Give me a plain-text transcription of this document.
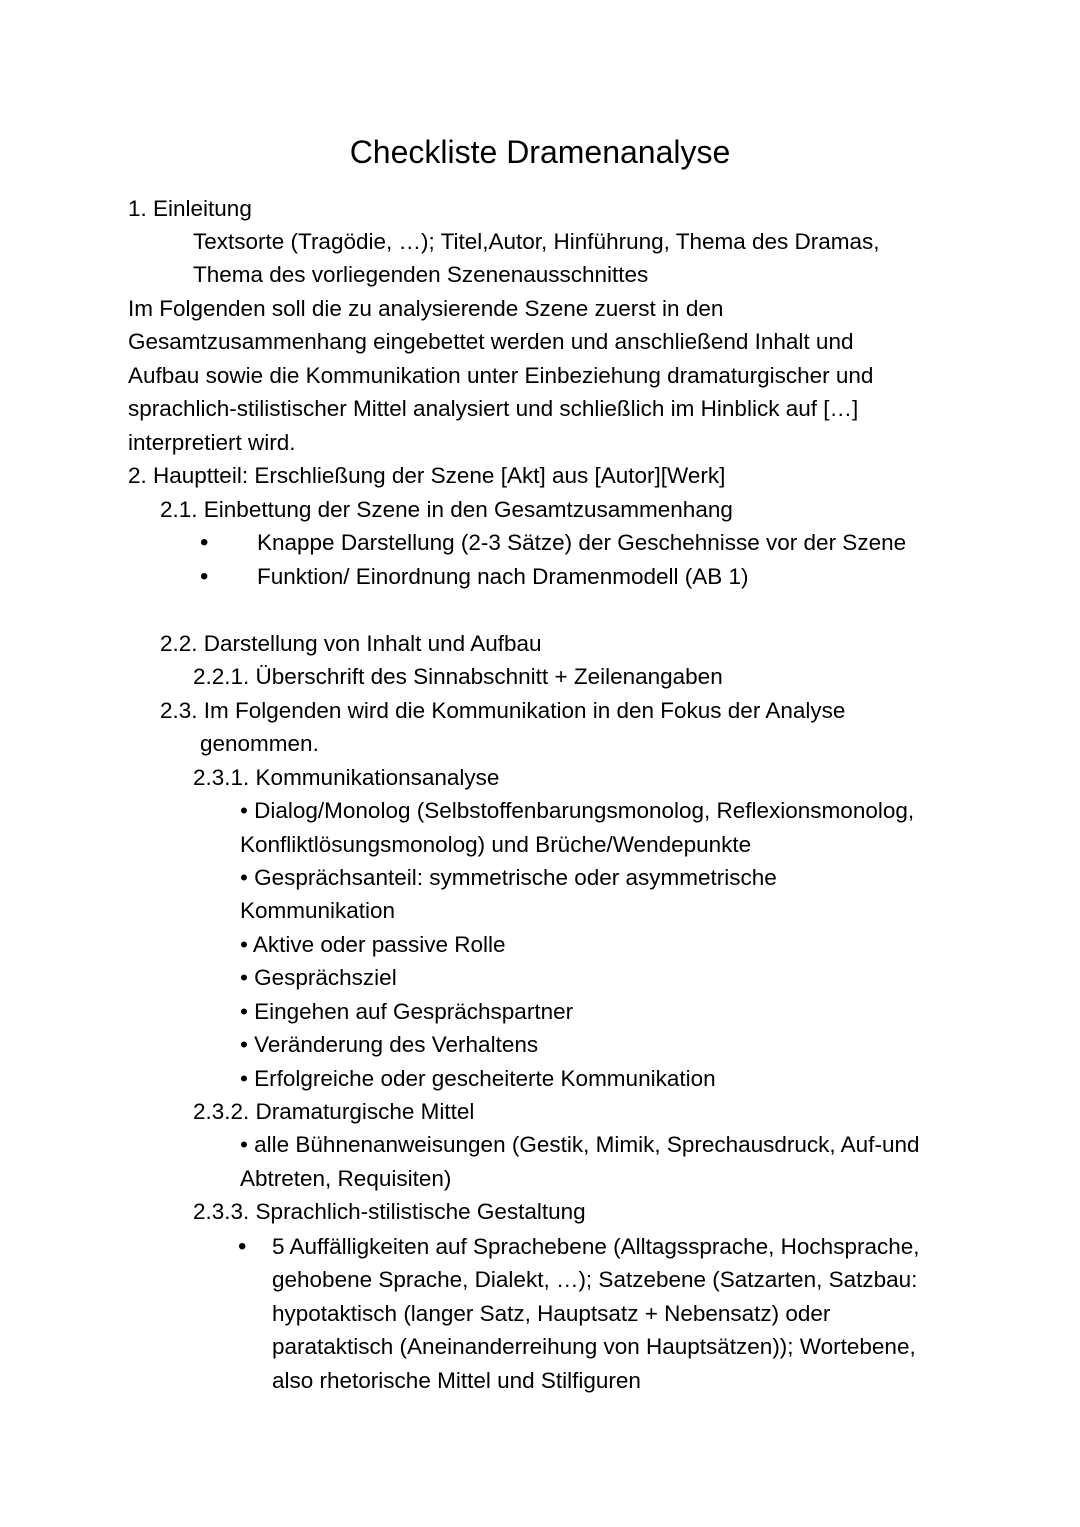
Checkliste Dramenanalyse
1. Einleitung
Textsorte (Tragödie, …); Titel,Autor, Hinführung, Thema des Dramas,
Thema des vorliegenden Szenenausschnittes
Im Folgenden soll die zu analysierende Szene zuerst in den
Gesamtzusammenhang eingebettet werden und anschließend Inhalt und
Aufbau sowie die Kommunikation unter Einbeziehung dramaturgischer und
sprachlich-stilistischer Mittel analysiert und schließlich im Hinblick auf […]
interpretiert wird.
2. Hauptteil: Erschließung der Szene [Akt] aus [Autor][Werk]
2.1. Einbettung der Szene in den Gesamtzusammenhang
• Knappe Darstellung (2-3 Sätze) der Geschehnisse vor der Szene
• Funktion/ Einordnung nach Dramenmodell (AB 1)
2.2. Darstellung von Inhalt und Aufbau
2.2.1. Überschrift des Sinnabschnitt + Zeilenangaben
2.3. Im Folgenden wird die Kommunikation in den Fokus der Analyse
genommen.
2.3.1. Kommunikationsanalyse
• Dialog/Monolog (Selbstoffenbarungsmonolog, Reflexionsmonolog,
Konfliktlösungsmonolog) und Brüche/Wendepunkte
• Gesprächsanteil: symmetrische oder asymmetrische
Kommunikation
• Aktive oder passive Rolle
• Gesprächsziel
• Eingehen auf Gesprächspartner
• Veränderung des Verhaltens
• Erfolgreiche oder gescheiterte Kommunikation
2.3.2. Dramaturgische Mittel
• alle Bühnenanweisungen (Gestik, Mimik, Sprechausdruck, Auf-und
Abtreten, Requisiten)
2.3.3. Sprachlich-stilistische Gestaltung
• 5 Auffälligkeiten auf Sprachebene (Alltagssprache, Hochsprache,
gehobene Sprache, Dialekt, …); Satzebene (Satzarten, Satzbau:
hypotaktisch (langer Satz, Hauptsatz + Nebensatz) oder
parataktisch (Aneinanderreihung von Hauptsätzen)); Wortebene,
also rhetorische Mittel und Stilfiguren
